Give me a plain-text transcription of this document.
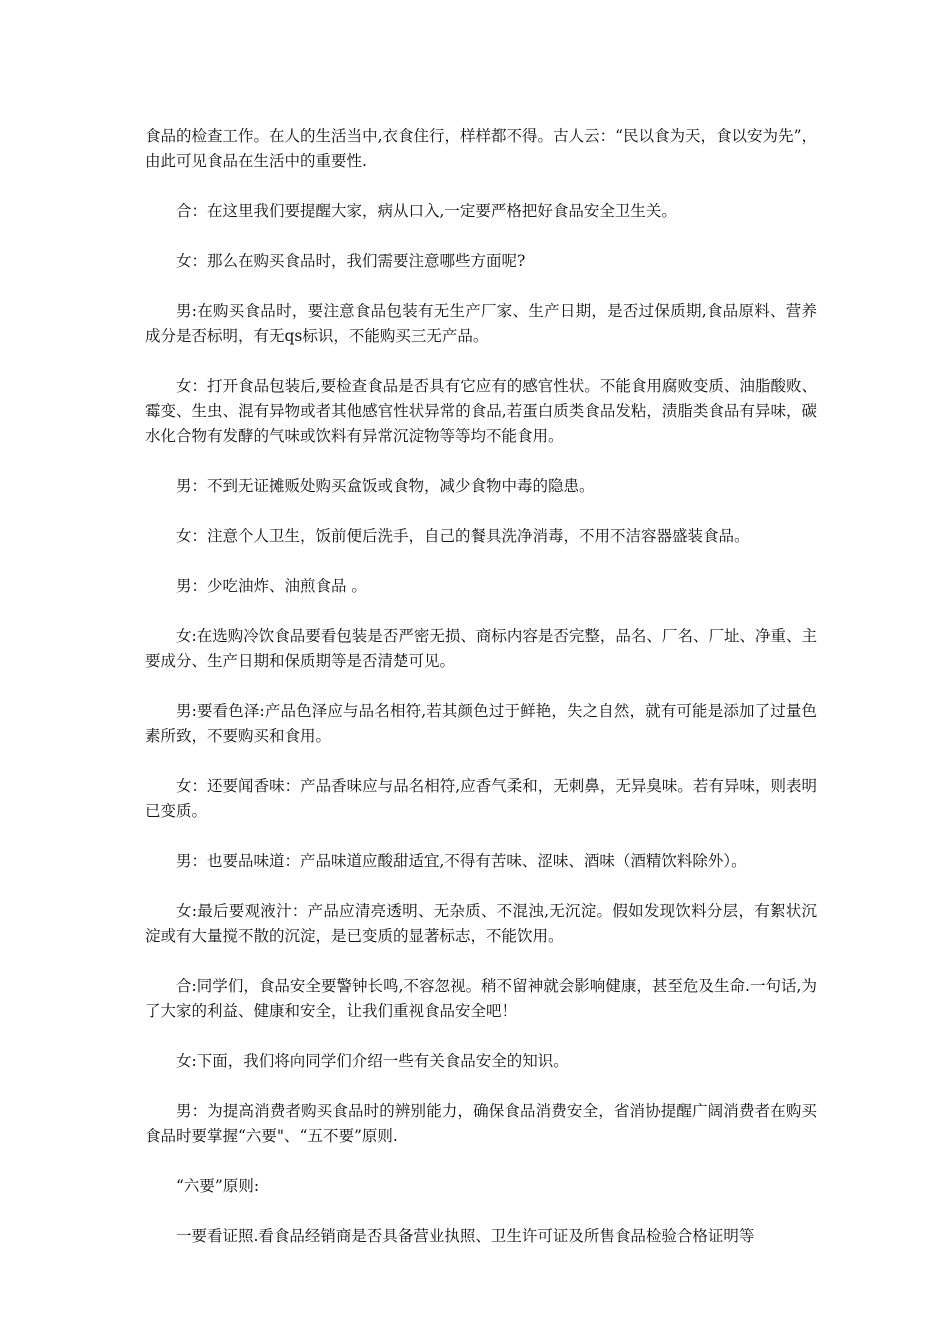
食品的检查工作。在人的生活当中,衣食住行，样样都不得。古人云：“民以食为天，食以安为先”，由此可见食品在生活中的重要性.

合：在这里我们要提醒大家，病从口入,一定要严格把好食品安全卫生关。

女：那么在购买食品时，我们需要注意哪些方面呢?

男:在购买食品时，要注意食品包装有无生产厂家、生产日期，是否过保质期,食品原料、营养成分是否标明，有无qs标识，不能购买三无产品。

女：打开食品包装后,要检查食品是否具有它应有的感官性状。不能食用腐败变质、油脂酸败、霉变、生虫、混有异物或者其他感官性状异常的食品,若蛋白质类食品发粘，渍脂类食品有异味，碳水化合物有发酵的气味或饮料有异常沉淀物等等均不能食用。

男：不到无证摊贩处购买盒饭或食物，减少食物中毒的隐患。

女：注意个人卫生，饭前便后洗手，自己的餐具洗净消毒，不用不洁容器盛装食品。

男：少吃油炸、油煎食品 。

女:在选购冷饮食品要看包装是否严密无损、商标内容是否完整，品名、厂名、厂址、净重、主要成分、生产日期和保质期等是否清楚可见。

男:要看色泽:产品色泽应与品名相符,若其颜色过于鲜艳，失之自然，就有可能是添加了过量色素所致，不要购买和食用。

女：还要闻香味：产品香味应与品名相符,应香气柔和，无刺鼻，无异臭味。若有异味，则表明已变质。

男：也要品味道：产品味道应酸甜适宜,不得有苦味、涩味、酒味（酒精饮料除外）。

女:最后要观液汁：产品应清亮透明、无杂质、不混浊,无沉淀。假如发现饮料分层，有絮状沉淀或有大量搅不散的沉淀，是已变质的显著标志，不能饮用。

合:同学们，食品安全要警钟长鸣,不容忽视。稍不留神就会影响健康，甚至危及生命.一句话,为了大家的利益、健康和安全，让我们重视食品安全吧！

女:下面，我们将向同学们介绍一些有关食品安全的知识。

男：为提高消费者购买食品时的辨别能力，确保食品消费安全，省消协提醒广阔消费者在购买食品时要掌握“六要"、“五不要”原则.

“六要”原则:

一要看证照.看食品经销商是否具备营业执照、卫生许可证及所售食品检验合格证明等
